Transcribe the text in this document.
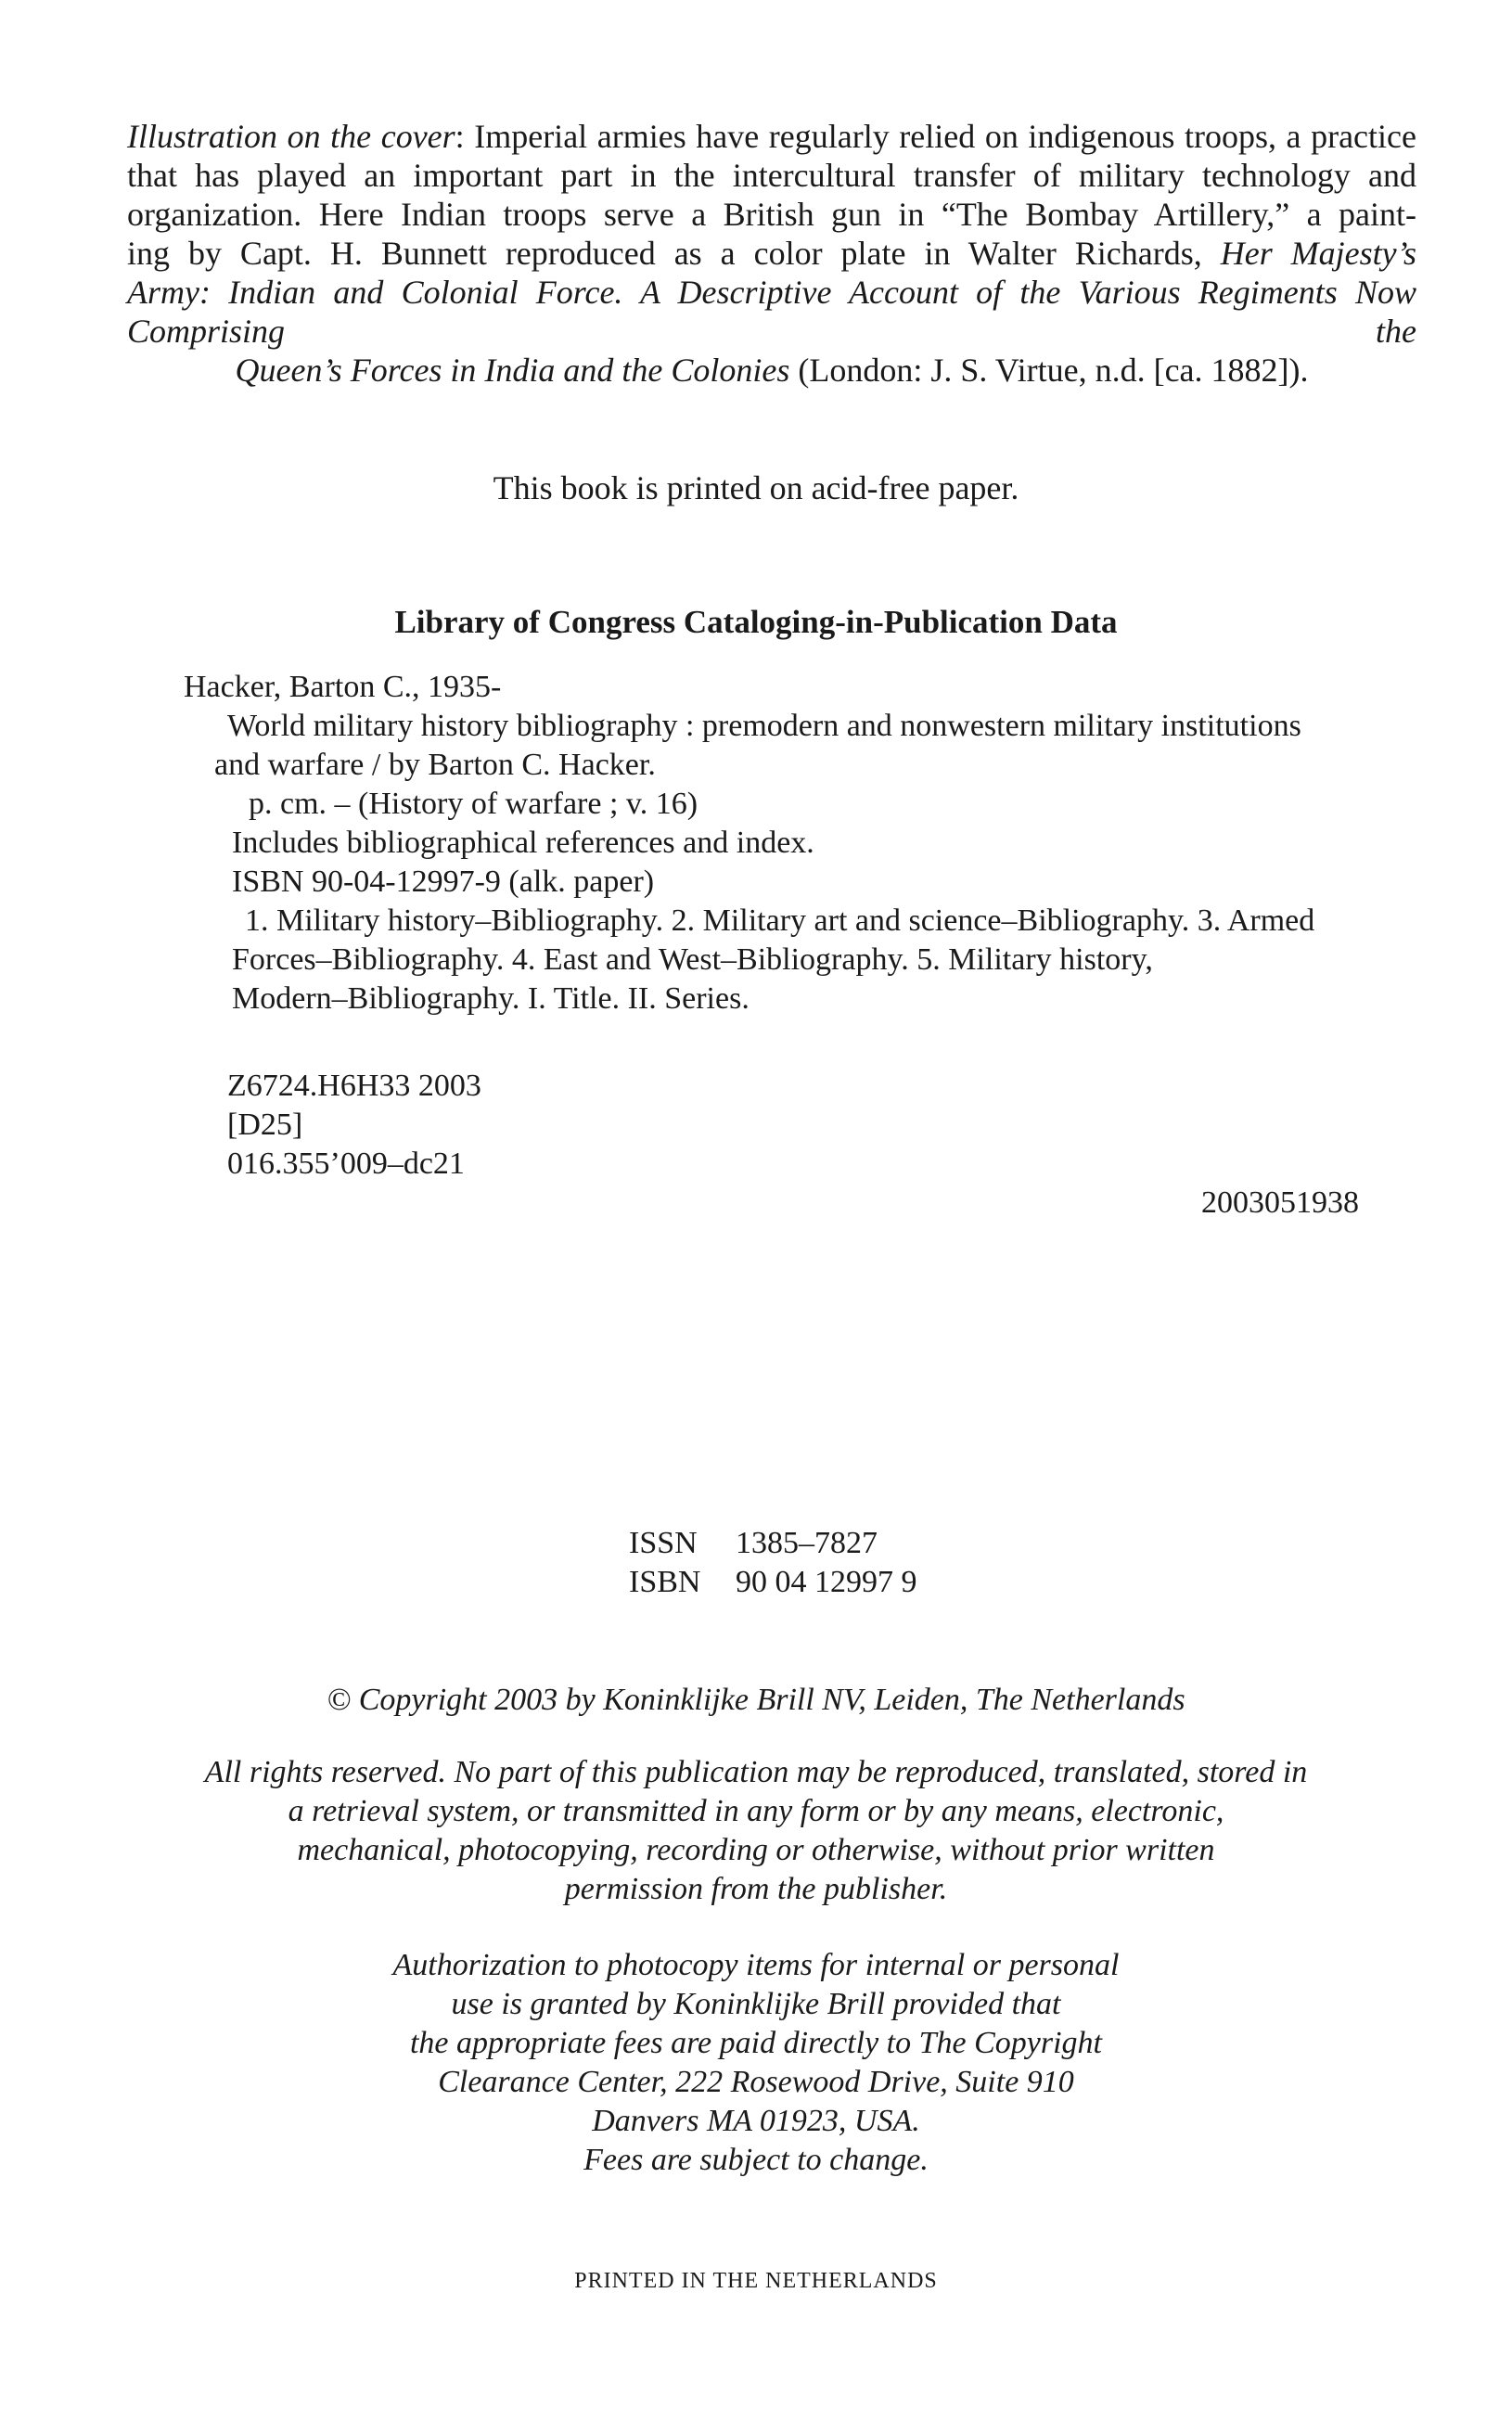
Illustration on the cover: Imperial armies have regularly relied on indigenous troops, a practice
that has played an important part in the intercultural transfer of military technology and
organization. Here Indian troops serve a British gun in “The Bombay Artillery,” a paint-
ing by Capt. H. Bunnett reproduced as a color plate in Walter Richards, Her Majesty’s
Army: Indian and Colonial Force. A Descriptive Account of the Various Regiments Now Comprising the
Queen’s Forces in India and the Colonies (London: J. S. Virtue, n.d. [ca. 1882]).
This book is printed on acid-free paper.
Library of Congress Cataloging-in-Publication Data
Hacker, Barton C., 1935-
World military history bibliography : premodern and nonwestern military institutions
and warfare / by Barton C. Hacker.
p. cm. – (History of warfare ; v. 16)
Includes bibliographical references and index.
ISBN 90-04-12997-9 (alk. paper)
1. Military history–Bibliography. 2. Military art and science–Bibliography. 3. Armed
Forces–Bibliography. 4. East and West–Bibliography. 5. Military history,
Modern–Bibliography. I. Title. II. Series.
Z6724.H6H33 2003
[D25]
016.355’009–dc21
2003051938
ISSN 1385–7827
ISBN 90 04 12997 9
© Copyright 2003 by Koninklijke Brill NV, Leiden, The Netherlands
All rights reserved. No part of this publication may be reproduced, translated, stored in
a retrieval system, or transmitted in any form or by any means, electronic,
mechanical, photocopying, recording or otherwise, without prior written
permission from the publisher.
Authorization to photocopy items for internal or personal
use is granted by Koninklijke Brill provided that
the appropriate fees are paid directly to The Copyright
Clearance Center, 222 Rosewood Drive, Suite 910
Danvers MA 01923, USA.
Fees are subject to change.
PRINTED IN THE NETHERLANDS
